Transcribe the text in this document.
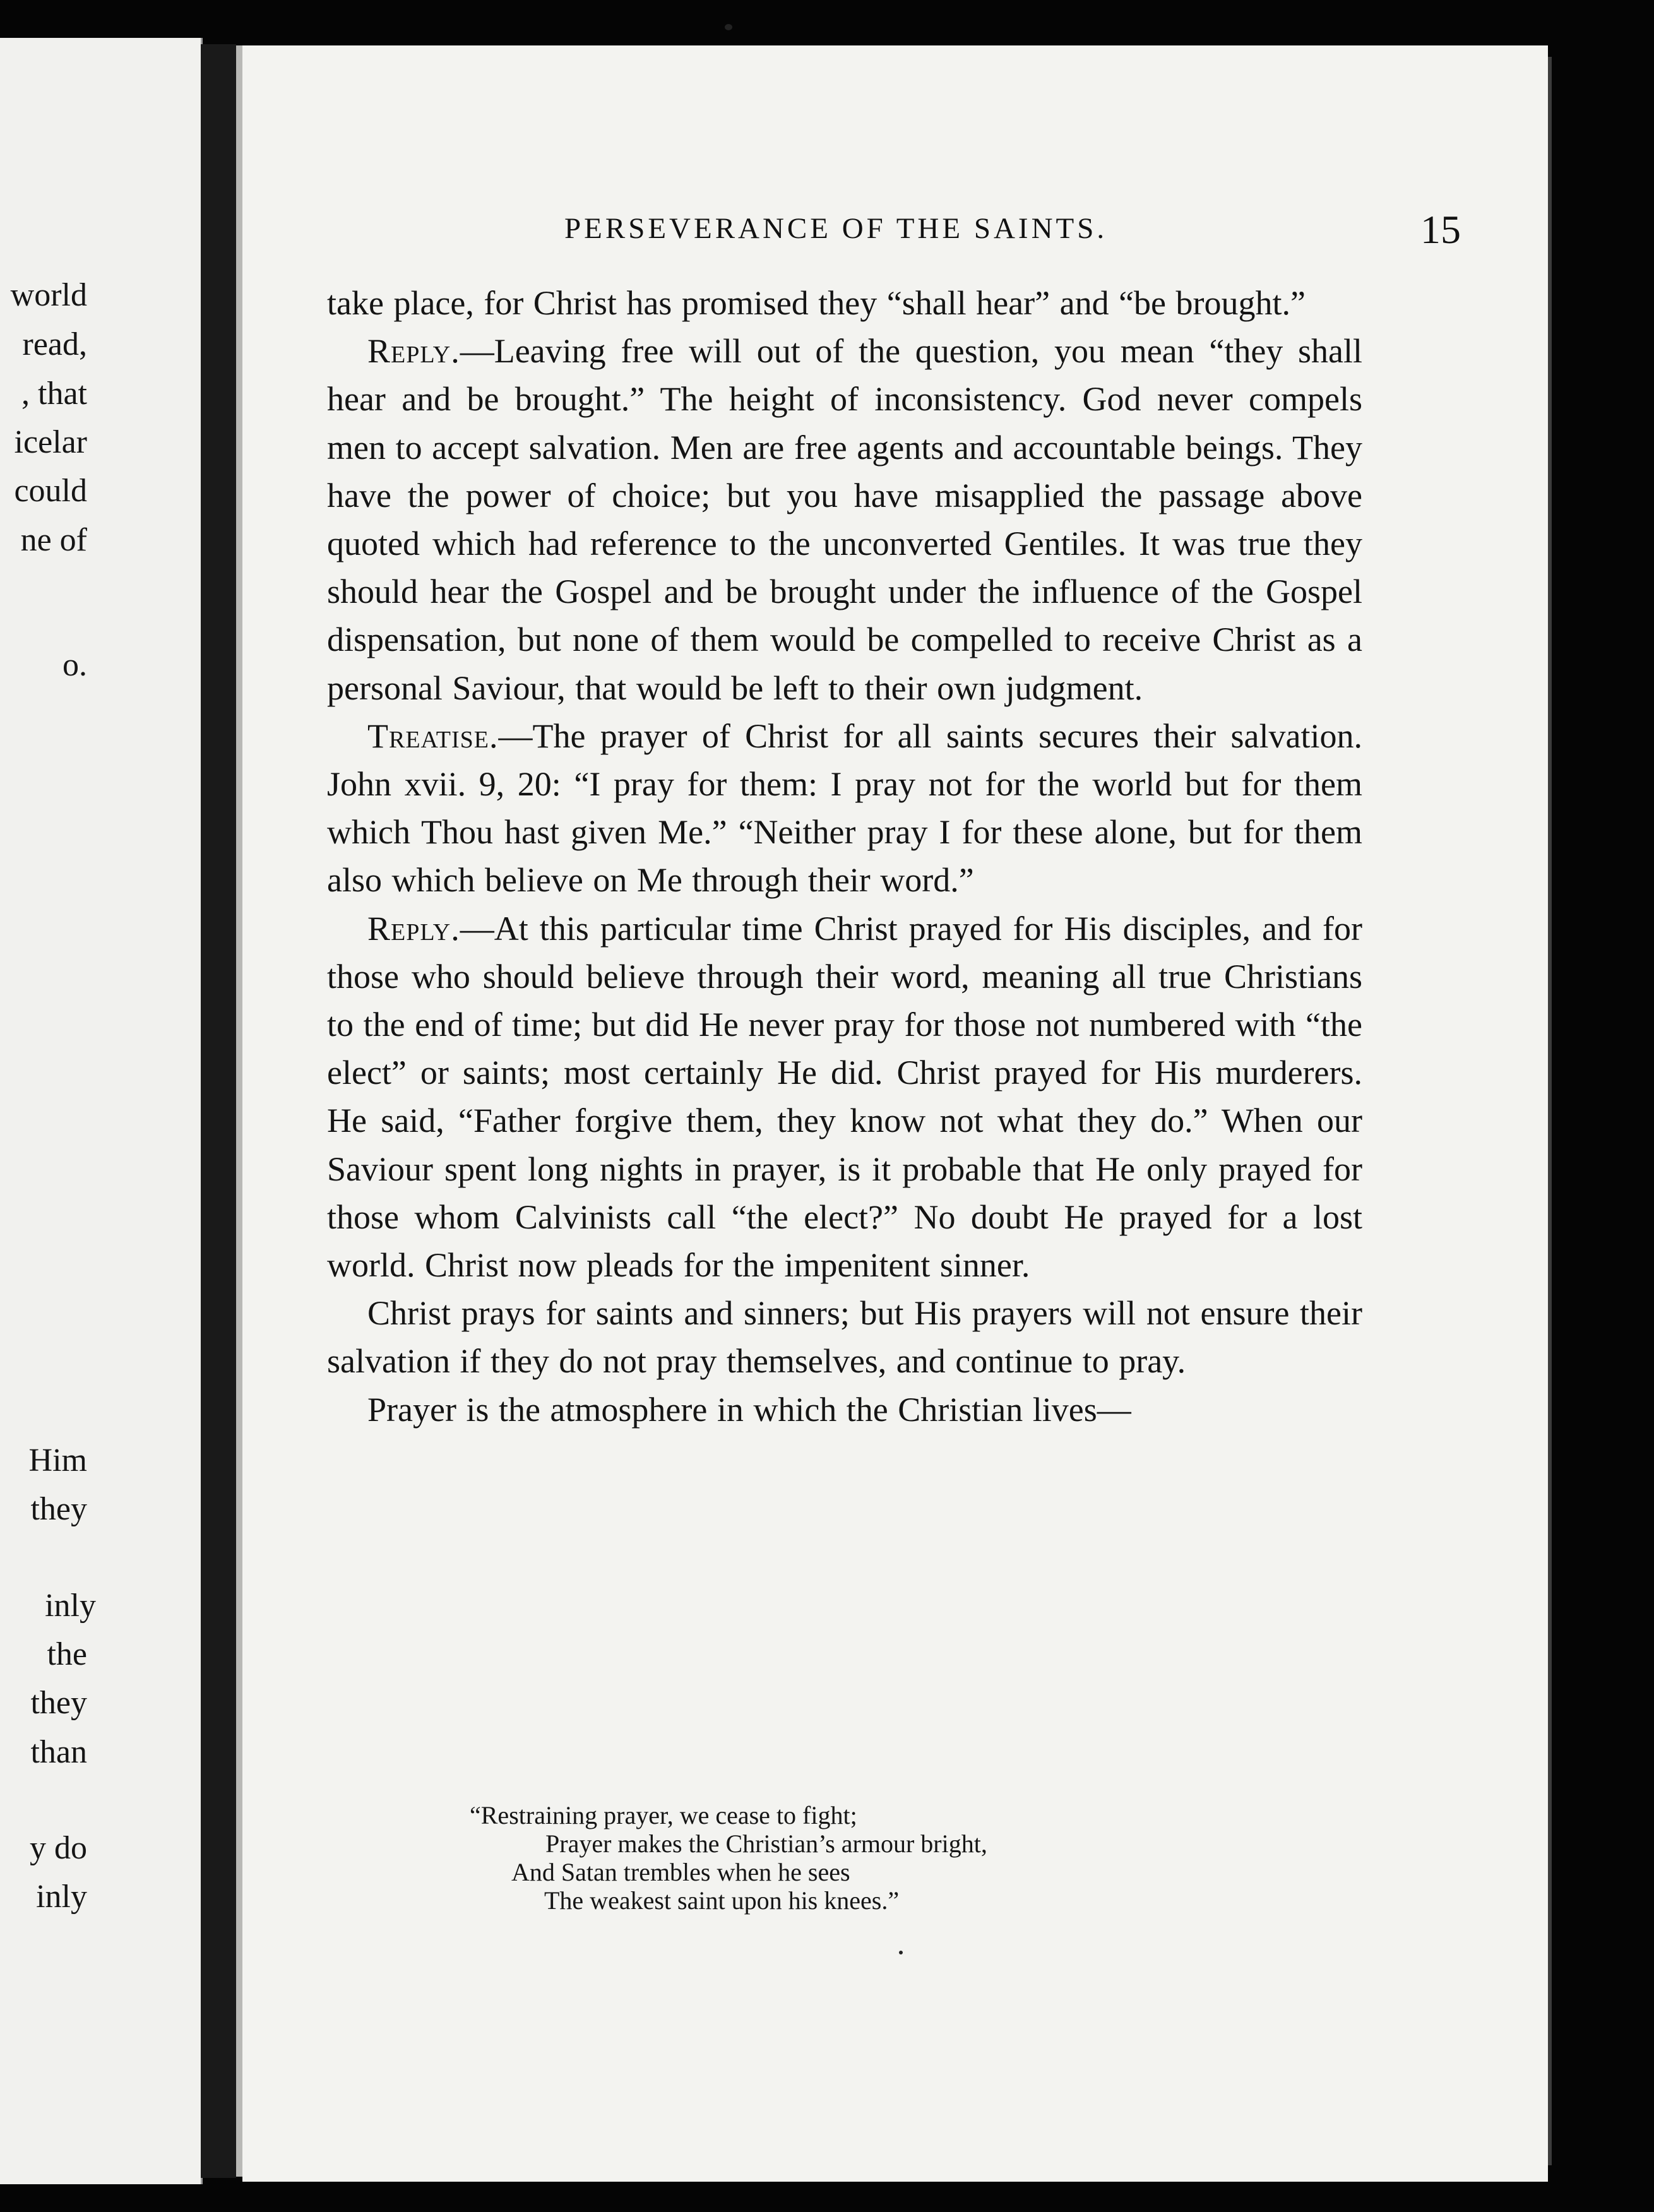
world
read,
, that
icelar
could
ne of
o.
Him
they
inly
the
they
than
y do
inly
PERSEVERANCE OF THE SAINTS.	15

take place, for Christ has promised they “shall hear” and “be brought.”

Reply.—Leaving free will out of the question, you mean “they shall hear and be brought.” The height of inconsistency. God never compels men to accept salvation. Men are free agents and accountable beings. They have the power of choice; but you have misapplied the passage above quoted which had reference to the unconverted Gentiles. It was true they should hear the Gospel and be brought under the influence of the Gospel dispensation, but none of them would be compelled to receive Christ as a personal Saviour, that would be left to their own judgment.

Treatise.—The prayer of Christ for all saints secures their salvation. John xvii. 9, 20: “I pray for them: I pray not for the world but for them which Thou hast given Me.” “Neither pray I for these alone, but for them also which believe on Me through their word.”

Reply.—At this particular time Christ prayed for His disciples, and for those who should believe through their word, meaning all true Christians to the end of time; but did He never pray for those not numbered with “the elect” or saints; most certainly He did. Christ prayed for His murderers. He said, “Father forgive them, they know not what they do.” When our Saviour spent long nights in prayer, is it probable that He only prayed for those whom Calvinists call “the elect?” No doubt He prayed for a lost world. Christ now pleads for the impenitent sinner.

Christ prays for saints and sinners; but His prayers will not ensure their salvation if they do not pray themselves, and continue to pray.

Prayer is the atmosphere in which the Christian lives—

“Restraining prayer, we cease to fight;
Prayer makes the Christian’s armour bright,
And Satan trembles when he sees
The weakest saint upon his knees.”
